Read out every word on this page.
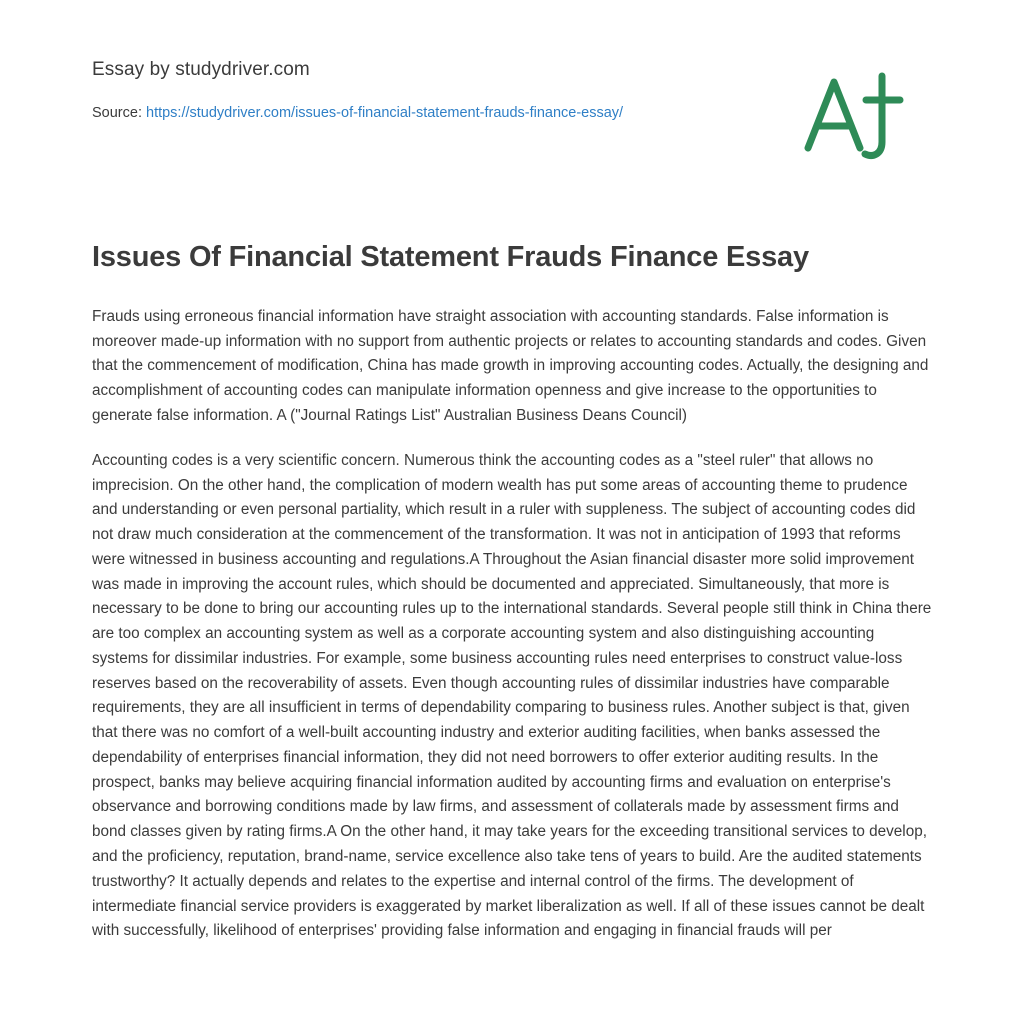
Essay by studydriver.com
Source: https://studydriver.com/issues-of-financial-statement-frauds-finance-essay/
Issues Of Financial Statement Frauds Finance Essay

Frauds using erroneous financial information have straight association with accounting standards. False information is moreover made-up information with no support from authentic projects or relates to accounting standards and codes. Given that the commencement of modification, China has made growth in improving accounting codes. Actually, the designing and accomplishment of accounting codes can manipulate information openness and give increase to the opportunities to generate false information. A ("Journal Ratings List" Australian Business Deans Council)

Accounting codes is a very scientific concern. Numerous think the accounting codes as a "steel ruler" that allows no imprecision. On the other hand, the complication of modern wealth has put some areas of accounting theme to prudence and understanding or even personal partiality, which result in a ruler with suppleness. The subject of accounting codes did not draw much consideration at the commencement of the transformation. It was not in anticipation of 1993 that reforms were witnessed in business accounting and regulations.A Throughout the Asian financial disaster more solid improvement was made in improving the account rules, which should be documented and appreciated. Simultaneously, that more is necessary to be done to bring our accounting rules up to the international standards. Several people still think in China there are too complex an accounting system as well as a corporate accounting system and also distinguishing accounting systems for dissimilar industries. For example, some business accounting rules need enterprises to construct value-loss reserves based on the recoverability of assets. Even though accounting rules of dissimilar industries have comparable requirements, they are all insufficient in terms of dependability comparing to business rules. Another subject is that, given that there was no comfort of a well-built accounting industry and exterior auditing facilities, when banks assessed the dependability of enterprises financial information, they did not need borrowers to offer exterior auditing results. In the prospect, banks may believe acquiring financial information audited by accounting firms and evaluation on enterprise's observance and borrowing conditions made by law firms, and assessment of collaterals made by assessment firms and bond classes given by rating firms.A On the other hand, it may take years for the exceeding transitional services to develop, and the proficiency, reputation, brand-name, service excellence also take tens of years to build. Are the audited statements trustworthy? It actually depends and relates to the expertise and internal control of the firms. The development of intermediate financial service providers is exaggerated by market liberalization as well. If all of these issues cannot be dealt with successfully, likelihood of enterprises' providing false information and engaging in financial frauds will per
